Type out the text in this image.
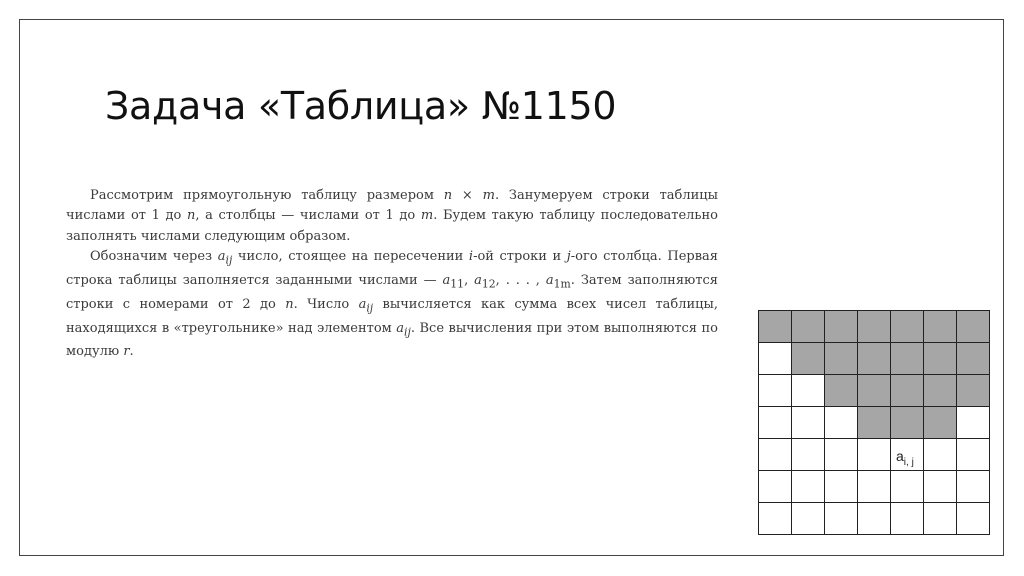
Задача «Таблица» №1150

Рассмотрим прямоугольную таблицу размером n × m. Занумеруем строки таблицы числами от 1 до n, а столбцы — числами от 1 до m. Будем такую таблицу последовательно заполнять числами следующим образом.

Обозначим через $a_{ij}$ число, стоящее на пересечении i-ой строки и j-ого столбца. Первая строка таблицы заполняется заданными числами — $a_{11}$, $a_{12}$, . . . , $a_{1m}$. Затем заполняются строки с номерами от 2 до n. Число $a_{ij}$ вычисляется как сумма всех чисел таблицы, находящихся в «треугольнике» над элементом $a_{ij}$. Все вычисления при этом выполняются по модулю r.

				$a_{i, j}$
